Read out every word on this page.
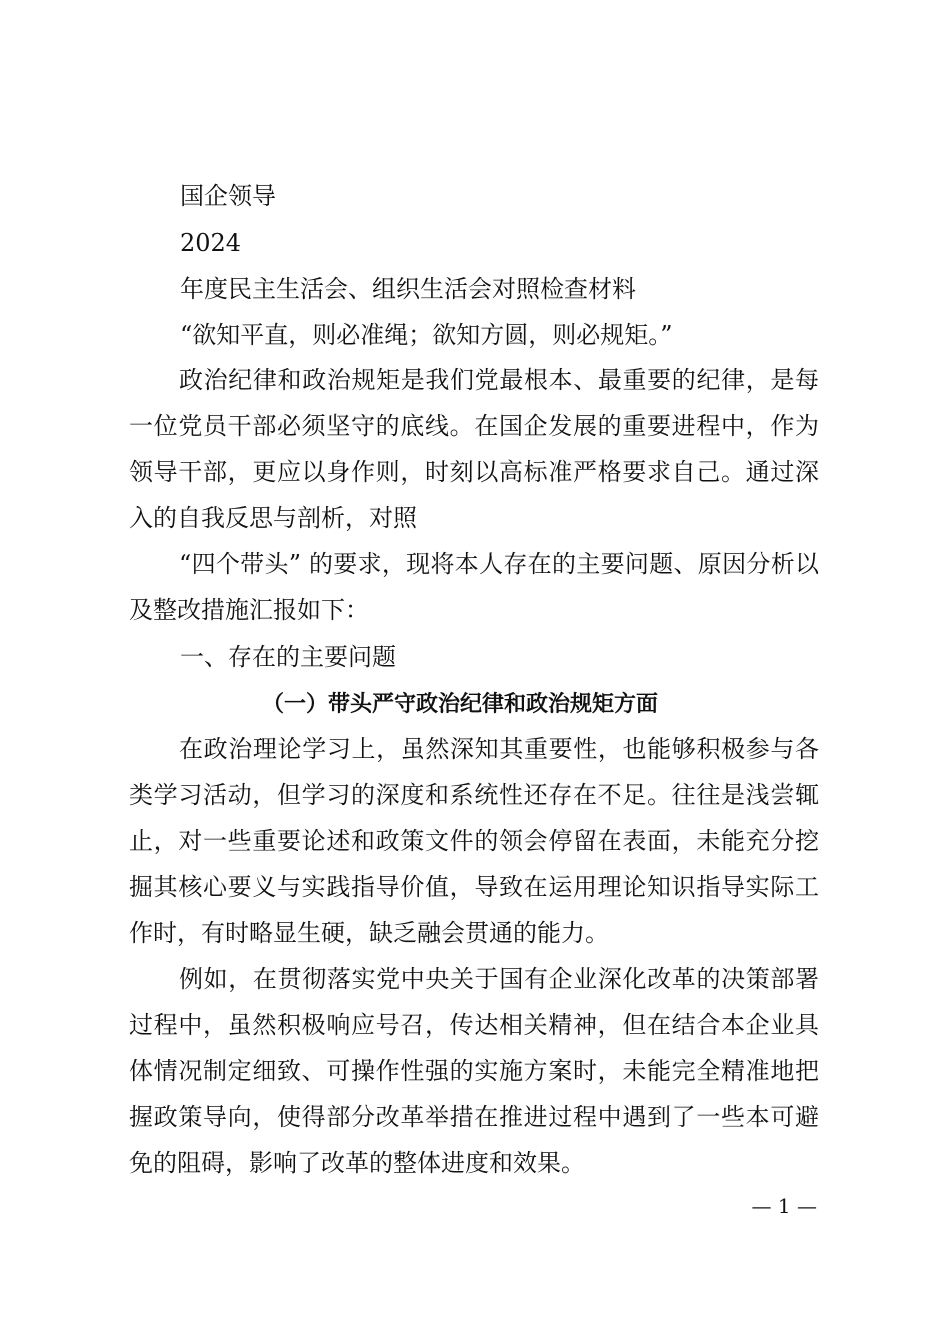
国企领导
2024
年度民主生活会、组织生活会对照检查材料
“欲知平直，则必准绳；欲知方圆，则必规矩。”
政治纪律和政治规矩是我们党最根本、最重要的纪律，是每一位党员干部必须坚守的底线。在国企发展的重要进程中，作为领导干部，更应以身作则，时刻以高标准严格要求自己。通过深入的自我反思与剖析，对照
“四个带头” 的要求，现将本人存在的主要问题、原因分析以及整改措施汇报如下：
一、存在的主要问题
（一）带头严守政治纪律和政治规矩方面
在政治理论学习上，虽然深知其重要性，也能够积极参与各类学习活动，但学习的深度和系统性还存在不足。往往是浅尝辄止，对一些重要论述和政策文件的领会停留在表面，未能充分挖掘其核心要义与实践指导价值，导致在运用理论知识指导实际工作时，有时略显生硬，缺乏融会贯通的能力。
例如，在贯彻落实党中央关于国有企业深化改革的决策部署过程中，虽然积极响应号召，传达相关精神，但在结合本企业具体情况制定细致、可操作性强的实施方案时，未能完全精准地把握政策导向，使得部分改革举措在推进过程中遇到了一些本可避免的阻碍，影响了改革的整体进度和效果。
— 1 —
